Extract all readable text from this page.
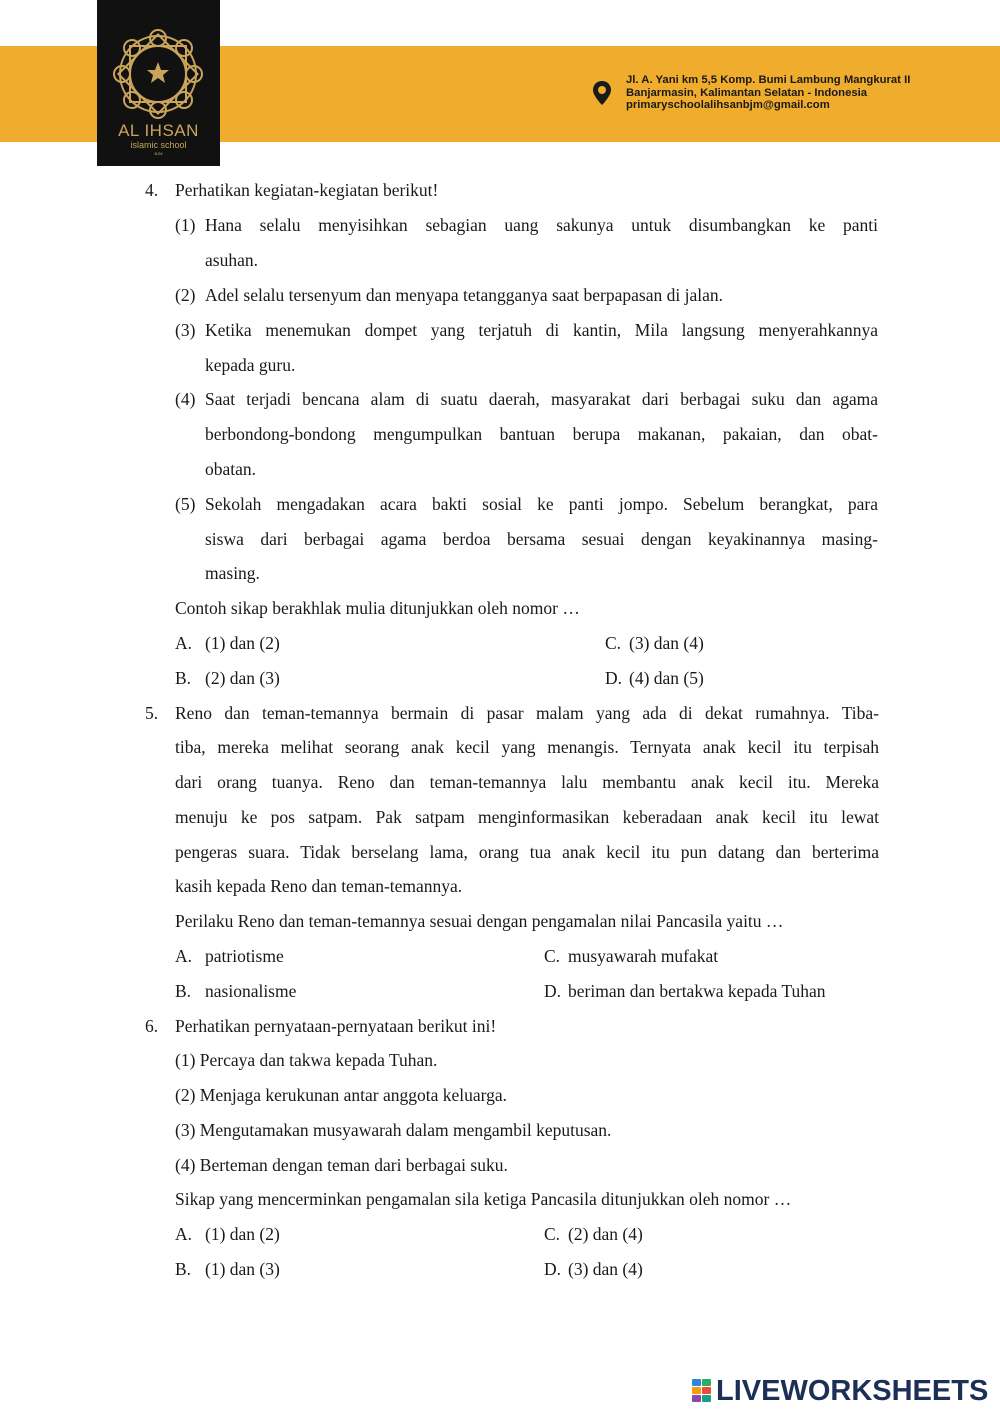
AL IHSAN
islamic school
BJM
Jl. A. Yani km 5,5 Komp. Bumi Lambung Mangkurat II
Banjarmasin, Kalimantan Selatan - Indonesia
primaryschoolalihsanbjm@gmail.com
4. Perhatikan kegiatan-kegiatan berikut!
(1) Hana selalu menyisihkan sebagian uang sakunya untuk disumbangkan ke panti
asuhan.
(2) Adel selalu tersenyum dan menyapa tetangganya saat berpapasan di jalan.
(3) Ketika menemukan dompet yang terjatuh di kantin, Mila langsung menyerahkannya
kepada guru.
(4) Saat terjadi bencana alam di suatu daerah, masyarakat dari berbagai suku dan agama
berbondong-bondong mengumpulkan bantuan berupa makanan, pakaian, dan obat-
obatan.
(5) Sekolah mengadakan acara bakti sosial ke panti jompo. Sebelum berangkat, para
siswa dari berbagai agama berdoa bersama sesuai dengan keyakinannya masing-
masing.
Contoh sikap berakhlak mulia ditunjukkan oleh nomor …
A. (1) dan (2)	C. (3) dan (4)
B. (2) dan (3)	D. (4) dan (5)
5. Reno dan teman-temannya bermain di pasar malam yang ada di dekat rumahnya. Tiba-
tiba, mereka melihat seorang anak kecil yang menangis. Ternyata anak kecil itu terpisah
dari orang tuanya. Reno dan teman-temannya lalu membantu anak kecil itu. Mereka
menuju ke pos satpam. Pak satpam menginformasikan keberadaan anak kecil itu lewat
pengeras suara. Tidak berselang lama, orang tua anak kecil itu pun datang dan berterima
kasih kepada Reno dan teman-temannya.
Perilaku Reno dan teman-temannya sesuai dengan pengamalan nilai Pancasila yaitu …
A. patriotisme	C. musyawarah mufakat
B. nasionalisme	D. beriman dan bertakwa kepada Tuhan
6. Perhatikan pernyataan-pernyataan berikut ini!
(1) Percaya dan takwa kepada Tuhan.
(2) Menjaga kerukunan antar anggota keluarga.
(3) Mengutamakan musyawarah dalam mengambil keputusan.
(4) Berteman dengan teman dari berbagai suku.
Sikap yang mencerminkan pengamalan sila ketiga Pancasila ditunjukkan oleh nomor …
A. (1) dan (2)	C. (2) dan (4)
B. (1) dan (3)	D. (3) dan (4)
LIVEWORKSHEETS
